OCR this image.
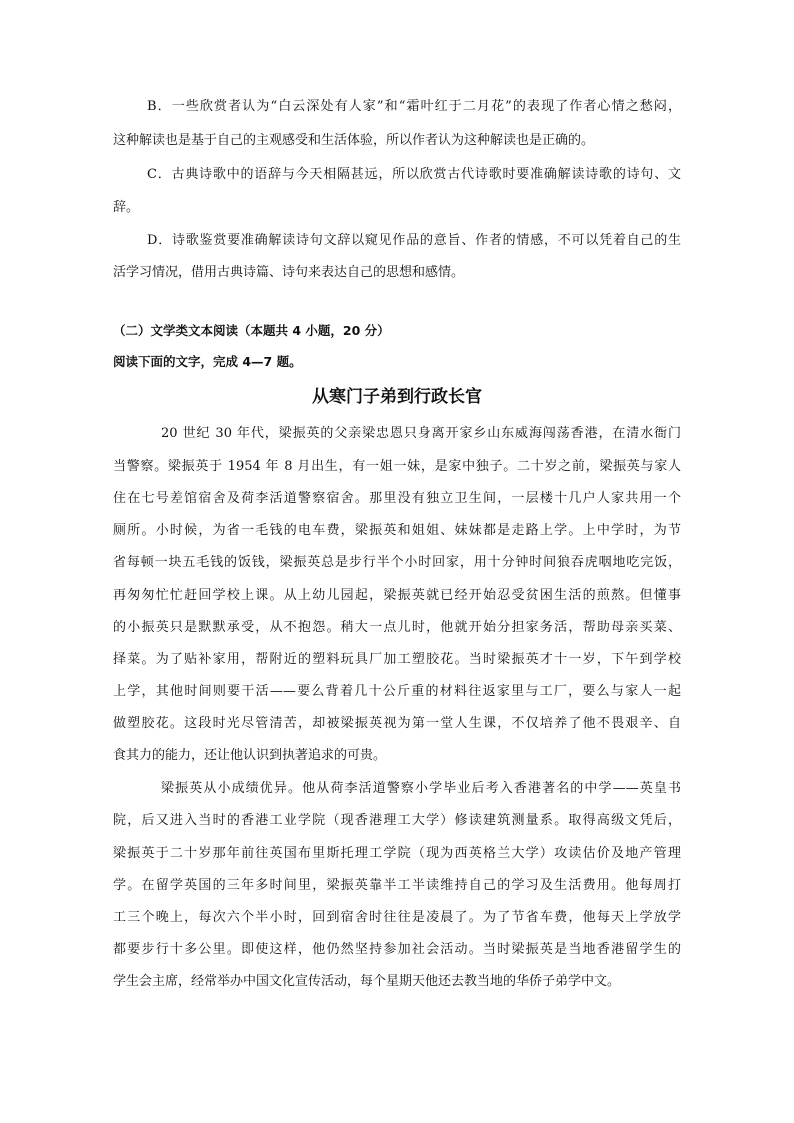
B．一些欣赏者认为“白云深处有人家”和“霜叶红于二月花”的表现了作者心情之愁闷，
这种解读也是基于自己的主观感受和生活体验，所以作者认为这种解读也是正确的。
C．古典诗歌中的语辞与今天相隔甚远，所以欣赏古代诗歌时要准确解读诗歌的诗句、文
辞。
D．诗歌鉴赏要准确解读诗句文辞以窥见作品的意旨、作者的情感，不可以凭着自己的生
活学习情况，借用古典诗篇、诗句来表达自己的思想和感情。
（二）文学类文本阅读（本题共 4 小题，20 分）
阅读下面的文字，完成 4—7 题。
从寒门子弟到行政长官
20 世纪 30 年代，梁振英的父亲梁忠恩只身离开家乡山东威海闯荡香港，在清水衙门
当警察。梁振英于 1954 年 8 月出生，有一姐一妹，是家中独子。二十岁之前，梁振英与家人
住在七号差馆宿舍及荷李活道警察宿舍。那里没有独立卫生间，一层楼十几户人家共用一个
厕所。小时候，为省一毛钱的电车费，梁振英和姐姐、妹妹都是走路上学。上中学时，为节
省每顿一块五毛钱的饭钱，梁振英总是步行半个小时回家，用十分钟时间狼吞虎咽地吃完饭，
再匆匆忙忙赶回学校上课。从上幼儿园起，梁振英就已经开始忍受贫困生活的煎熬。但懂事
的小振英只是默默承受，从不抱怨。稍大一点儿时，他就开始分担家务活，帮助母亲买菜、
择菜。为了贴补家用，帮附近的塑料玩具厂加工塑胶花。当时梁振英才十一岁，下午到学校
上学，其他时间则要干活——要么背着几十公斤重的材料往返家里与工厂，要么与家人一起
做塑胶花。这段时光尽管清苦，却被梁振英视为第一堂人生课，不仅培养了他不畏艰辛、自
食其力的能力，还让他认识到执著追求的可贵。
梁振英从小成绩优异。他从荷李活道警察小学毕业后考入香港著名的中学——英皇书
院，后又进入当时的香港工业学院（现香港理工大学）修读建筑测量系。取得高级文凭后，
梁振英于二十岁那年前往英国布里斯托理工学院（现为西英格兰大学）攻读估价及地产管理
学。在留学英国的三年多时间里，梁振英靠半工半读维持自己的学习及生活费用。他每周打
工三个晚上，每次六个半小时，回到宿舍时往往是凌晨了。为了节省车费，他每天上学放学
都要步行十多公里。即使这样，他仍然坚持参加社会活动。当时梁振英是当地香港留学生的
学生会主席，经常举办中国文化宣传活动，每个星期天他还去教当地的华侨子弟学中文。
